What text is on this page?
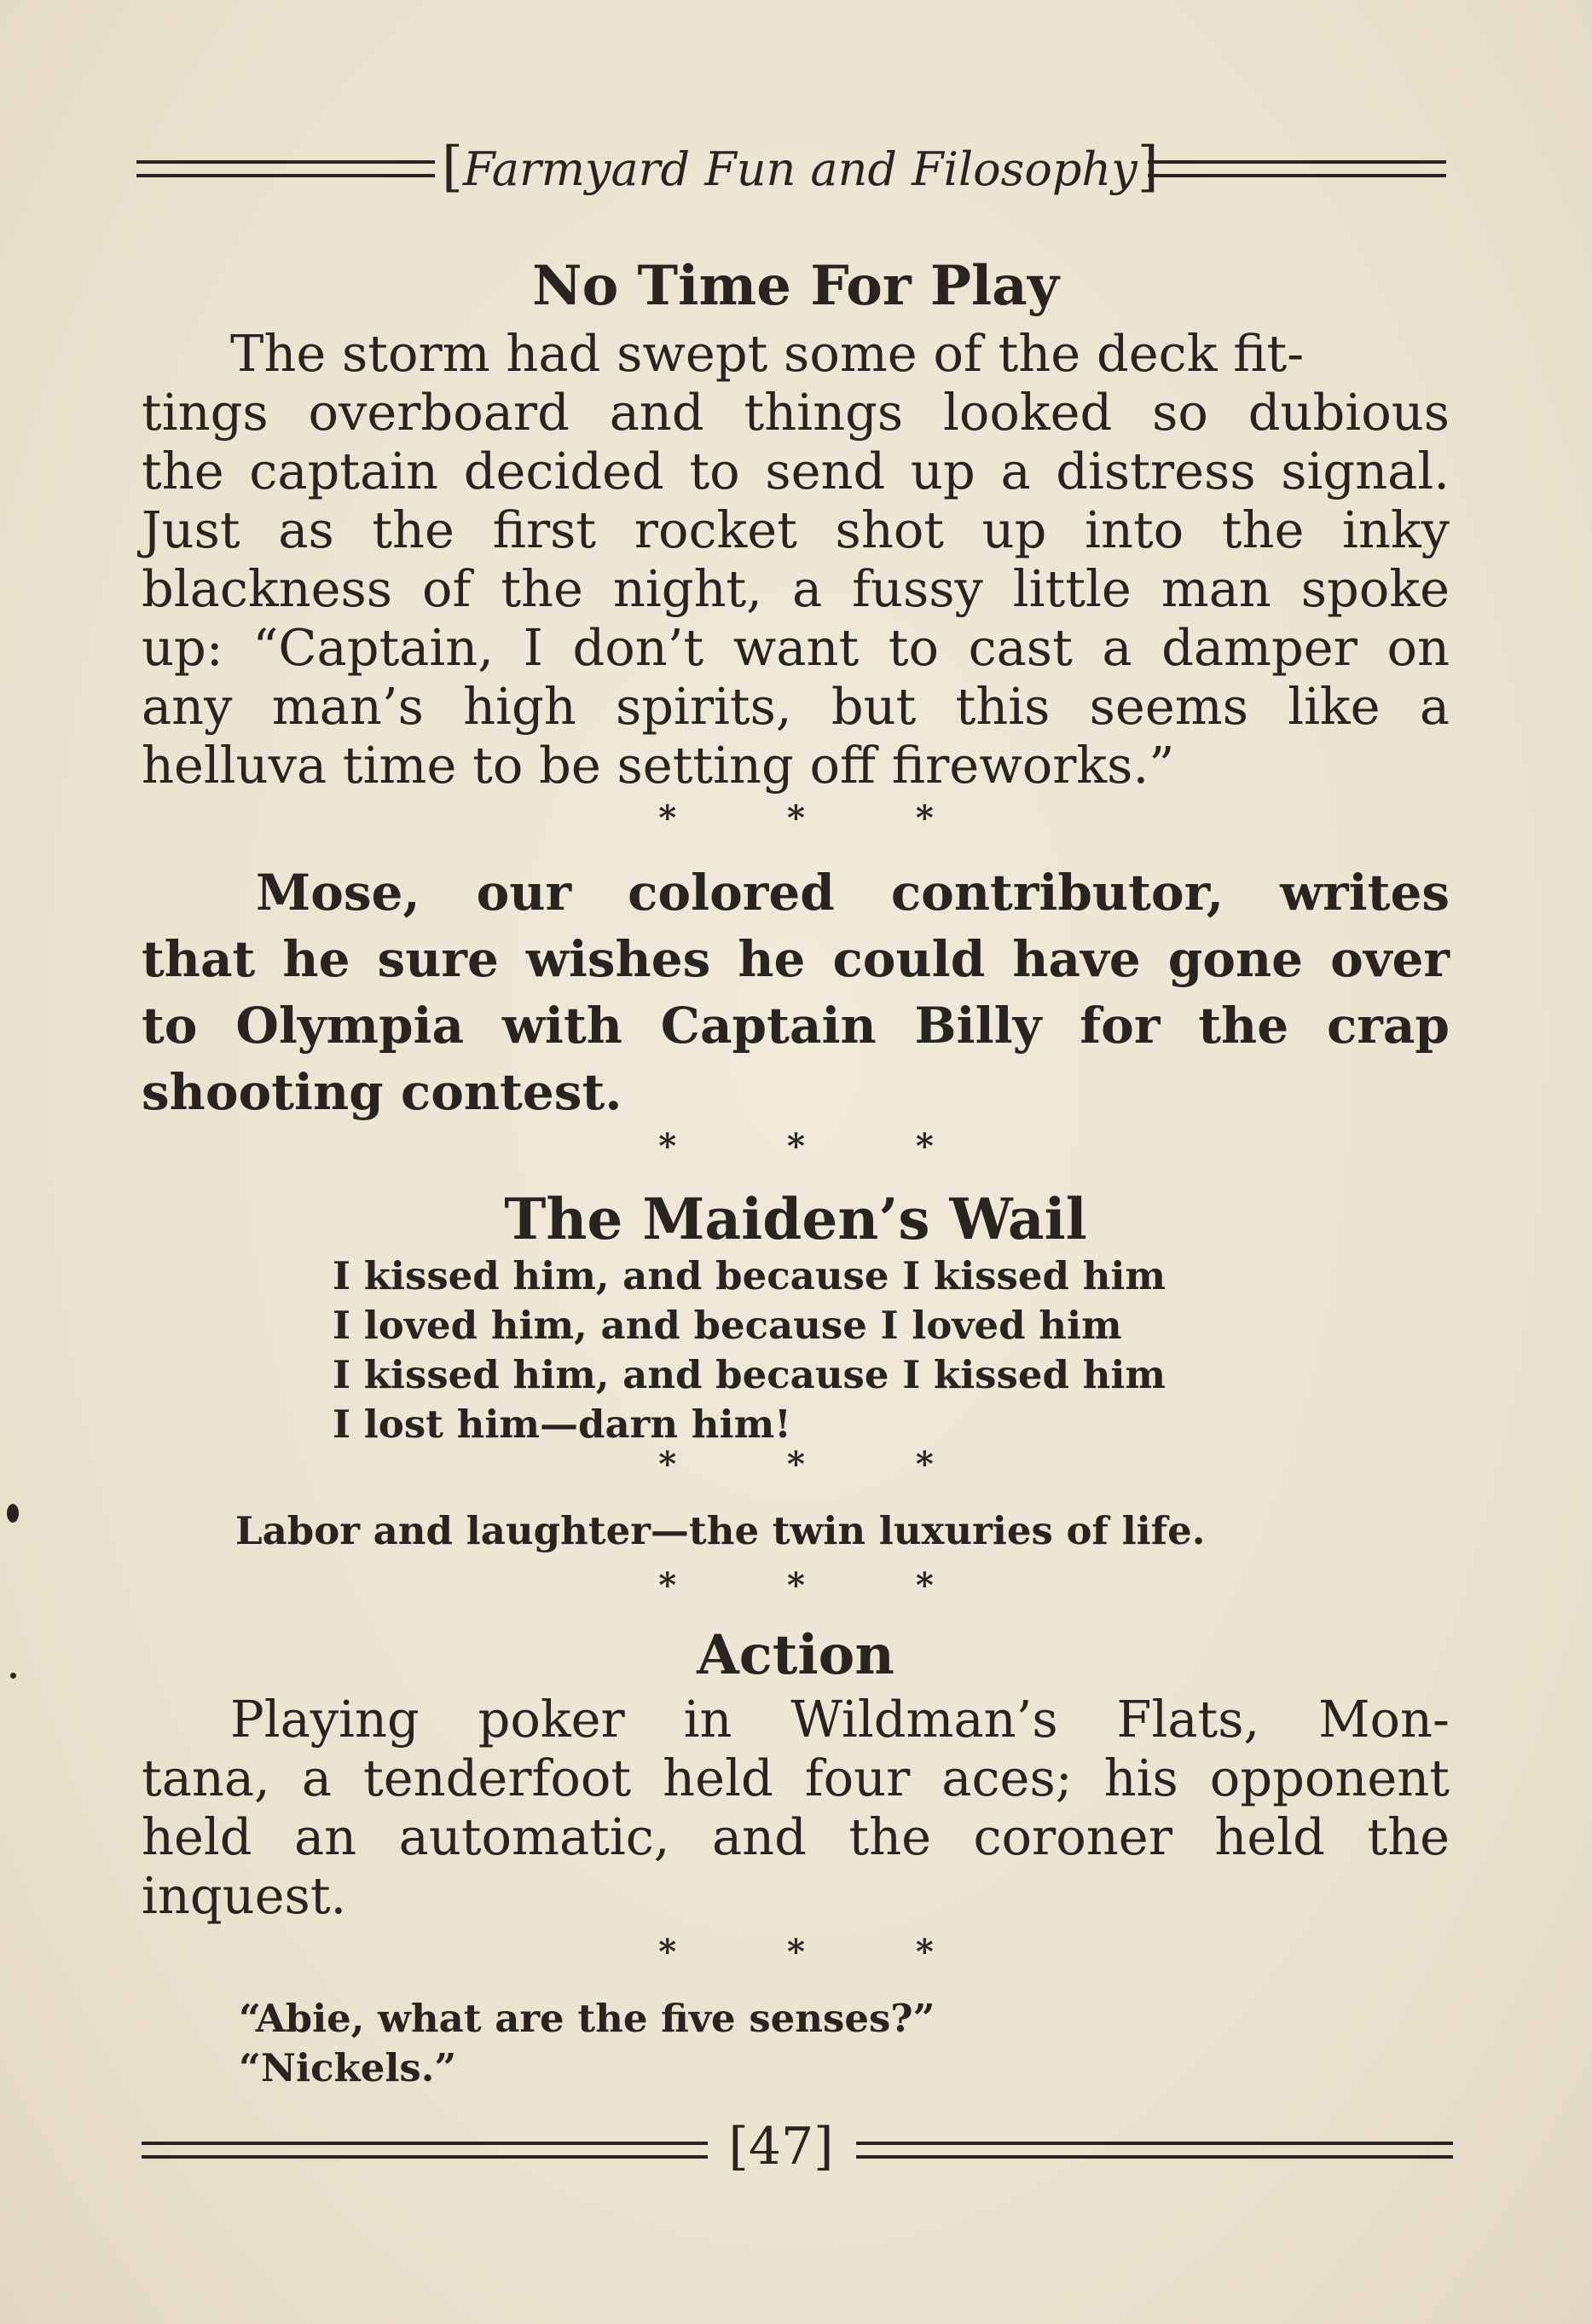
[Farmyard Fun and Filosophy]
No Time For Play
The storm had swept some of the deck fit-
tings overboard and things looked so dubious
the captain decided to send up a distress signal.
Just as the first rocket shot up into the inky
blackness of the night, a fussy little man spoke
up: “Captain, I don’t want to cast a damper on
any man’s high spirits, but this seems like a
helluva time to be setting off fireworks.”
* * *
Mose, our colored contributor, writes
that he sure wishes he could have gone over
to Olympia with Captain Billy for the crap
shooting contest.
* * *
The Maiden’s Wail
I kissed him, and because I kissed him
I loved him, and because I loved him
I kissed him, and because I kissed him
I lost him—darn him!
* * *
Labor and laughter—the twin luxuries of life.
* * *
Action
Playing poker in Wildman’s Flats, Mon-
tana, a tenderfoot held four aces; his opponent
held an automatic, and the coroner held the
inquest.
* * *
“Abie, what are the five senses?”
“Nickels.”
[47]
